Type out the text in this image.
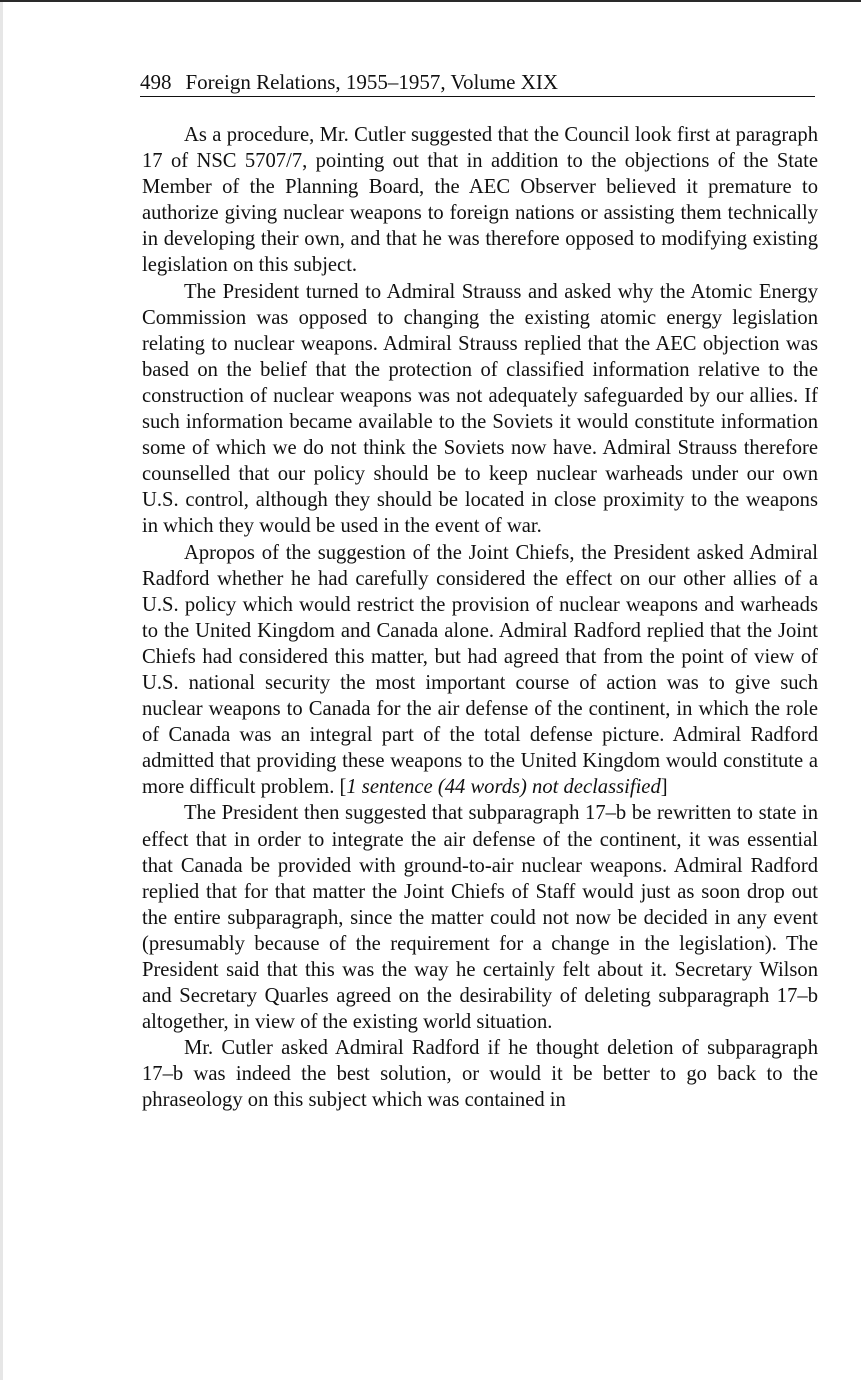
498 Foreign Relations, 1955–1957, Volume XIX

As a procedure, Mr. Cutler suggested that the Council look first at paragraph 17 of NSC 5707/7, pointing out that in addition to the objections of the State Member of the Planning Board, the AEC Observer believed it premature to authorize giving nuclear weapons to foreign nations or assisting them technically in developing their own, and that he was therefore opposed to modifying existing legislation on this subject.

The President turned to Admiral Strauss and asked why the Atomic Energy Commission was opposed to changing the existing atomic energy legislation relating to nuclear weapons. Admiral Strauss replied that the AEC objection was based on the belief that the protection of classified information relative to the construction of nuclear weapons was not adequately safeguarded by our allies. If such information became available to the Soviets it would constitute information some of which we do not think the Soviets now have. Admiral Strauss therefore counselled that our policy should be to keep nuclear warheads under our own U.S. control, although they should be located in close proximity to the weapons in which they would be used in the event of war.

Apropos of the suggestion of the Joint Chiefs, the President asked Admiral Radford whether he had carefully considered the effect on our other allies of a U.S. policy which would restrict the provision of nuclear weapons and warheads to the United Kingdom and Canada alone. Admiral Radford replied that the Joint Chiefs had considered this matter, but had agreed that from the point of view of U.S. national security the most important course of action was to give such nuclear weapons to Canada for the air defense of the continent, in which the role of Canada was an integral part of the total defense picture. Admiral Radford admitted that providing these weapons to the United Kingdom would constitute a more difficult problem. [1 sentence (44 words) not declassified]

The President then suggested that subparagraph 17–b be rewritten to state in effect that in order to integrate the air defense of the continent, it was essential that Canada be provided with ground-to-air nuclear weapons. Admiral Radford replied that for that matter the Joint Chiefs of Staff would just as soon drop out the entire subparagraph, since the matter could not now be decided in any event (presumably because of the requirement for a change in the legislation). The President said that this was the way he certainly felt about it. Secretary Wilson and Secretary Quarles agreed on the desirability of deleting subparagraph 17–b altogether, in view of the existing world situation.

Mr. Cutler asked Admiral Radford if he thought deletion of subparagraph 17–b was indeed the best solution, or would it be better to go back to the phraseology on this subject which was contained in
